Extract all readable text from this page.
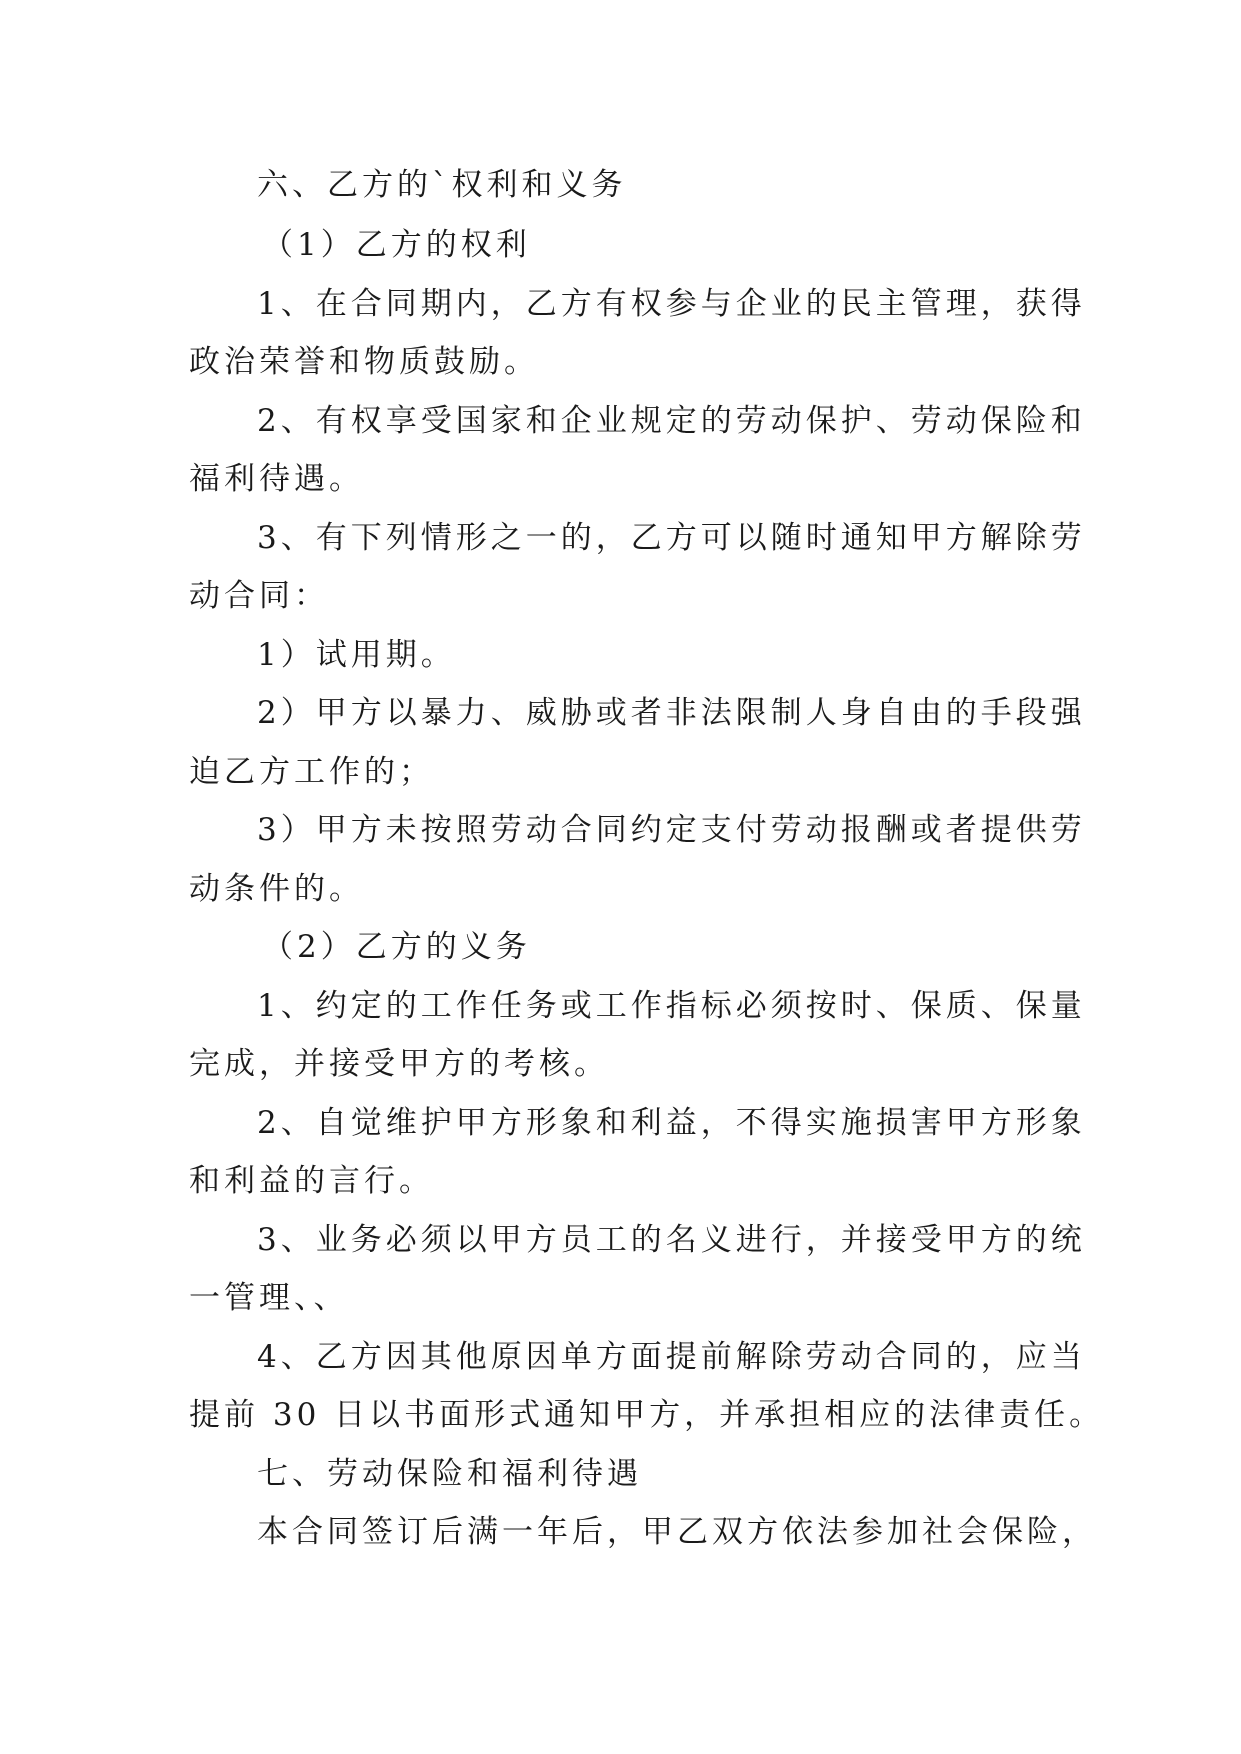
六、乙方的`权利和义务
（1）乙方的权利
1、在合同期内，乙方有权参与企业的民主管理，获得
政治荣誉和物质鼓励。
2、有权享受国家和企业规定的劳动保护、劳动保险和
福利待遇。
3、有下列情形之一的，乙方可以随时通知甲方解除劳
动合同：
1）试用期。
2）甲方以暴力、威胁或者非法限制人身自由的手段强
迫乙方工作的；
3）甲方未按照劳动合同约定支付劳动报酬或者提供劳
动条件的。
（2）乙方的义务
1、约定的工作任务或工作指标必须按时、保质、保量
完成，并接受甲方的考核。
2、自觉维护甲方形象和利益，不得实施损害甲方形象
和利益的言行。
3、业务必须以甲方员工的名义进行，并接受甲方的统
一管理、、
4、乙方因其他原因单方面提前解除劳动合同的，应当
提前 30 日以书面形式通知甲方，并承担相应的法律责任。
七、劳动保险和福利待遇
本合同签订后满一年后，甲乙双方依法参加社会保险，
